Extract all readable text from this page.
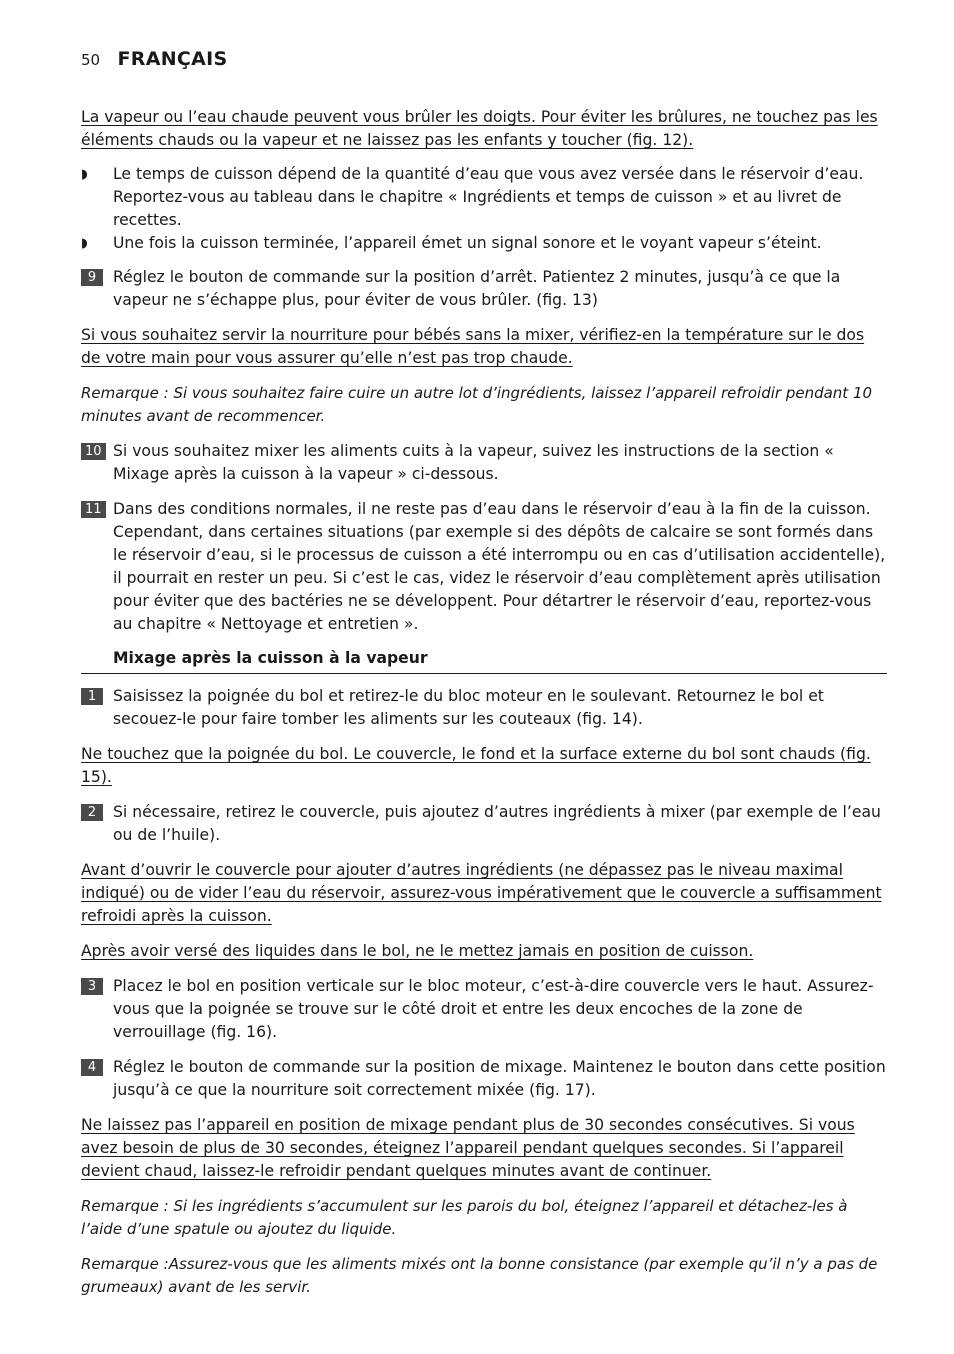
50 FRANÇAIS

La vapeur ou l’eau chaude peuvent vous brûler les doigts. Pour éviter les brûlures, ne touchez pas les éléments chauds ou la vapeur et ne laissez pas les enfants y toucher (fig. 12).

◗ Le temps de cuisson dépend de la quantité d’eau que vous avez versée dans le réservoir d’eau. Reportez-vous au tableau dans le chapitre « Ingrédients et temps de cuisson » et au livret de recettes.

◗ Une fois la cuisson terminée, l’appareil émet un signal sonore et le voyant vapeur s’éteint.

9	Réglez le bouton de commande sur la position d’arrêt. Patientez 2 minutes, jusqu’à ce que la vapeur ne s’échappe plus, pour éviter de vous brûler. (fig. 13)

Si vous souhaitez servir la nourriture pour bébés sans la mixer, vérifiez-en la température sur le dos de votre main pour vous assurer qu’elle n’est pas trop chaude.

Remarque : Si vous souhaitez faire cuire un autre lot d’ingrédients, laissez l’appareil refroidir pendant 10 minutes avant de recommencer.

10 Si vous souhaitez mixer les aliments cuits à la vapeur, suivez les instructions de la section « Mixage après la cuisson à la vapeur » ci-dessous.

11 Dans des conditions normales, il ne reste pas d’eau dans le réservoir d’eau à la fin de la cuisson. Cependant, dans certaines situations (par exemple si des dépôts de calcaire se sont formés dans le réservoir d’eau, si le processus de cuisson a été interrompu ou en cas d’utilisation accidentelle), il pourrait en rester un peu. Si c’est le cas, videz le réservoir d’eau complètement après utilisation pour éviter que des bactéries ne se développent. Pour détartrer le réservoir d’eau, reportez-vous au chapitre « Nettoyage et entretien ».

Mixage après la cuisson à la vapeur

1	Saisissez la poignée du bol et retirez-le du bloc moteur en le soulevant. Retournez le bol et secouez-le pour faire tomber les aliments sur les couteaux (fig. 14).

Ne touchez que la poignée du bol. Le couvercle, le fond et la surface externe du bol sont chauds (fig. 15).

2	Si nécessaire, retirez le couvercle, puis ajoutez d’autres ingrédients à mixer (par exemple de l’eau ou de l’huile).

Avant d’ouvrir le couvercle pour ajouter d’autres ingrédients (ne dépassez pas le niveau maximal indiqué) ou de vider l’eau du réservoir, assurez-vous impérativement que le couvercle a suffisamment refroidi après la cuisson.

Après avoir versé des liquides dans le bol, ne le mettez jamais en position de cuisson.

3	Placez le bol en position verticale sur le bloc moteur, c’est-à-dire couvercle vers le haut. Assurez-vous que la poignée se trouve sur le côté droit et entre les deux encoches de la zone de verrouillage (fig. 16).

4	Réglez le bouton de commande sur la position de mixage. Maintenez le bouton dans cette position jusqu’à ce que la nourriture soit correctement mixée (fig. 17).

Ne laissez pas l’appareil en position de mixage pendant plus de 30 secondes consécutives. Si vous avez besoin de plus de 30 secondes, éteignez l’appareil pendant quelques secondes. Si l’appareil devient chaud, laissez-le refroidir pendant quelques minutes avant de continuer.

Remarque : Si les ingrédients s’accumulent sur les parois du bol, éteignez l’appareil et détachez-les à l’aide d’une spatule ou ajoutez du liquide.

Remarque :Assurez-vous que les aliments mixés ont la bonne consistance (par exemple qu’il n’y a pas de grumeaux) avant de les servir.
